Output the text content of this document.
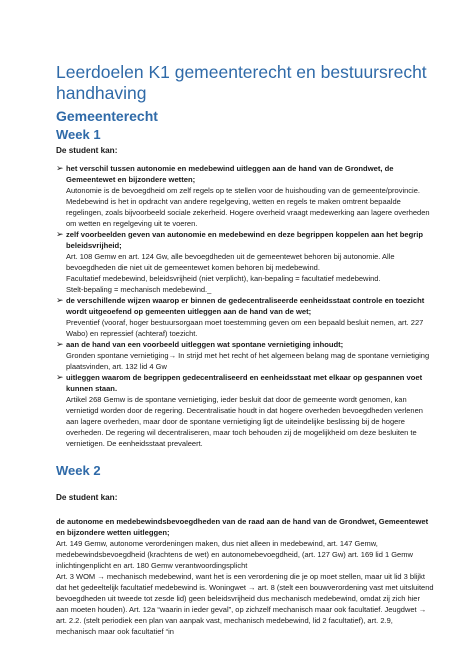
Leerdoelen K1 gemeenterecht en bestuursrecht handhaving
Gemeenterecht
Week 1
De student kan:
➢ het verschil tussen autonomie en medebewind uitleggen aan de hand van de Grondwet, de Gemeentewet en bijzondere wetten;
Autonomie is de bevoegdheid om zelf regels op te stellen voor de huishouding van de gemeente/provincie.
Medebewind is het in opdracht van andere regelgeving, wetten en regels te maken omtrent bepaalde regelingen, zoals bijvoorbeeld sociale zekerheid. Hogere overheid vraagt medewerking aan lagere overheden om wetten en regelgeving uit te voeren.
➢ zelf voorbeelden geven van autonomie en medebewind en deze begrippen koppelen aan het begrip beleidsvrijheid;
Art. 108 Gemw en art. 124 Gw, alle bevoegdheden uit de gemeentewet behoren bij autonomie. Alle bevoegdheden die niet uit de gemeentewet komen behoren bij medebewind.
Facultatief medebewind, beleidsvrijheid (niet verplicht), kan-bepaling = facultatief medebewind.
Stelt-bepaling = mechanisch medebewind._
➢ de verschillende wijzen waarop er binnen de gedecentraliseerde eenheidsstaat controle en toezicht wordt uitgeoefend op gemeenten uitleggen aan de hand van de wet;
Preventief (vooraf, hoger bestuursorgaan moet toestemming geven om een bepaald besluit nemen, art. 227 Wabo) en repressief (achteraf) toezicht.
➢ aan de hand van een voorbeeld uitleggen wat spontane vernietiging inhoudt;
Gronden spontane vernietiging→ In strijd met het recht of het algemeen belang mag de spontane vernietiging plaatsvinden, art. 132 lid 4 Gw
➢ uitleggen waarom de begrippen gedecentraliseerd en eenheidsstaat met elkaar op gespannen voet kunnen staan.
Artikel 268 Gemw is de spontane vernietiging, ieder besluit dat door de gemeente wordt genomen, kan vernietigd worden door de regering. Decentralisatie houdt in dat hogere overheden bevoegdheden verlenen aan lagere overheden, maar door de spontane vernietiging ligt de uiteindelijke beslissing bij de hogere overheden. De regering wil decentraliseren, maar toch behouden zij de mogelijkheid om deze besluiten te vernietigen. De eenheidsstaat prevaleert.
Week 2
De student kan:
de autonome en medebewindsbevoegdheden van de raad aan de hand van de Grondwet, Gemeentewet en bijzondere wetten uitleggen;
Art. 149 Gemw, autonome verordeningen maken, dus niet alleen in medebewind, art. 147 Gemw, medebewindsbevoegdheid (krachtens de wet) en autonomebevoegdheid, (art. 127 Gw) art. 169 lid 1 Gemw inlichtingenplicht en art. 180 Gemw verantwoordingsplicht
Art. 3 WOM → mechanisch medebewind, want het is een verordening die je op moet stellen, maar uit lid 3 blijkt dat het gedeeltelijk facultatief medebewind is. Woningwet → art. 8 (stelt een bouwverordening vast met uitsluitend bevoegdheden uit tweede tot zesde lid) geen beleidsvrijheid dus mechanisch medebewind, omdat zij zich hier aan moeten houden). Art. 12a “waarin in ieder geval”, op zichzelf mechanisch maar ook facultatief. Jeugdwet → art. 2.2. (stelt periodiek een plan van aanpak vast, mechanisch medebewind, lid 2 facultatief), art. 2.9, mechanisch maar ook facultatief “in
